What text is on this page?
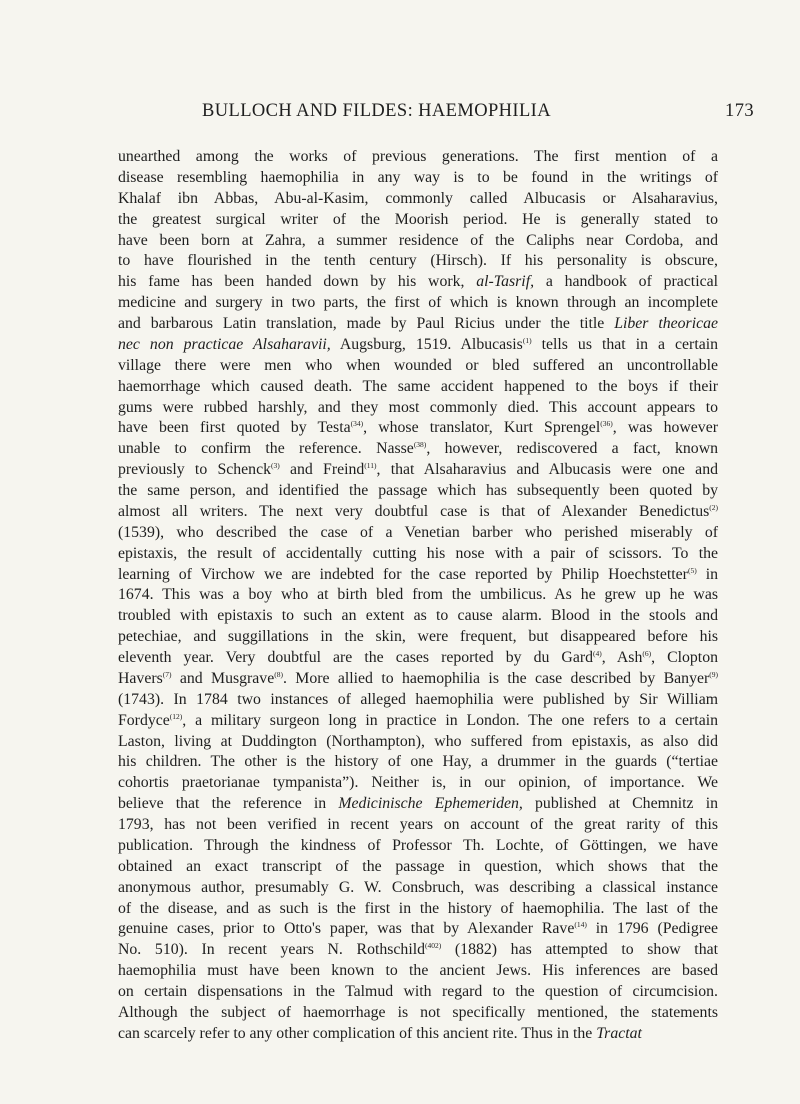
BULLOCH AND FILDES: HAEMOPHILIA	173
unearthed among the works of previous generations. The first mention of a
disease resembling haemophilia in any way is to be found in the writings of
Khalaf ibn Abbas, Abu-al-Kasim, commonly called Albucasis or Alsaharavius,
the greatest surgical writer of the Moorish period. He is generally stated to
have been born at Zahra, a summer residence of the Caliphs near Cordoba, and
to have flourished in the tenth century (Hirsch). If his personality is obscure,
his fame has been handed down by his work, al-Tasrif, a handbook of practical
medicine and surgery in two parts, the first of which is known through an incomplete
and barbarous Latin translation, made by Paul Ricius under the title Liber theoricae
nec non practicae Alsaharavii, Augsburg, 1519. Albucasis$^{(1)}$ tells us that in a certain
village there were men who when wounded or bled suffered an uncontrollable
haemorrhage which caused death. The same accident happened to the boys if their
gums were rubbed harshly, and they most commonly died. This account appears to
have been first quoted by Testa$^{(34)}$, whose translator, Kurt Sprengel$^{(36)}$, was however
unable to confirm the reference. Nasse$^{(38)}$, however, rediscovered a fact, known
previously to Schenck$^{(3)}$ and Freind$^{(11)}$, that Alsaharavius and Albucasis were one and
the same person, and identified the passage which has subsequently been quoted by
almost all writers. The next very doubtful case is that of Alexander Benedictus$^{(2)}$
(1539), who described the case of a Venetian barber who perished miserably of
epistaxis, the result of accidentally cutting his nose with a pair of scissors. To the
learning of Virchow we are indebted for the case reported by Philip Hoechstetter$^{(5)}$ in
1674. This was a boy who at birth bled from the umbilicus. As he grew up he was
troubled with epistaxis to such an extent as to cause alarm. Blood in the stools and
petechiae, and suggillations in the skin, were frequent, but disappeared before his
eleventh year. Very doubtful are the cases reported by du Gard$^{(4)}$, Ash$^{(6)}$, Clopton
Havers$^{(7)}$ and Musgrave$^{(8)}$. More allied to haemophilia is the case described by Banyer$^{(9)}$
(1743). In 1784 two instances of alleged haemophilia were published by Sir William
Fordyce$^{(12)}$, a military surgeon long in practice in London. The one refers to a certain
Laston, living at Duddington (Northampton), who suffered from epistaxis, as also did
his children. The other is the history of one Hay, a drummer in the guards (“tertiae
cohortis praetorianae tympanista”). Neither is, in our opinion, of importance. We
believe that the reference in Medicinische Ephemeriden, published at Chemnitz in
1793, has not been verified in recent years on account of the great rarity of this
publication. Through the kindness of Professor Th. Lochte, of Göttingen, we have
obtained an exact transcript of the passage in question, which shows that the
anonymous author, presumably G. W. Consbruch, was describing a classical instance
of the disease, and as such is the first in the history of haemophilia. The last of the
genuine cases, prior to Otto's paper, was that by Alexander Rave$^{(14)}$ in 1796 (Pedigree
No. 510). In recent years N. Rothschild$^{(402)}$ (1882) has attempted to show that
haemophilia must have been known to the ancient Jews. His inferences are based
on certain dispensations in the Talmud with regard to the question of circumcision.
Although the subject of haemorrhage is not specifically mentioned, the statements
can scarcely refer to any other complication of this ancient rite. Thus in the Tractat
